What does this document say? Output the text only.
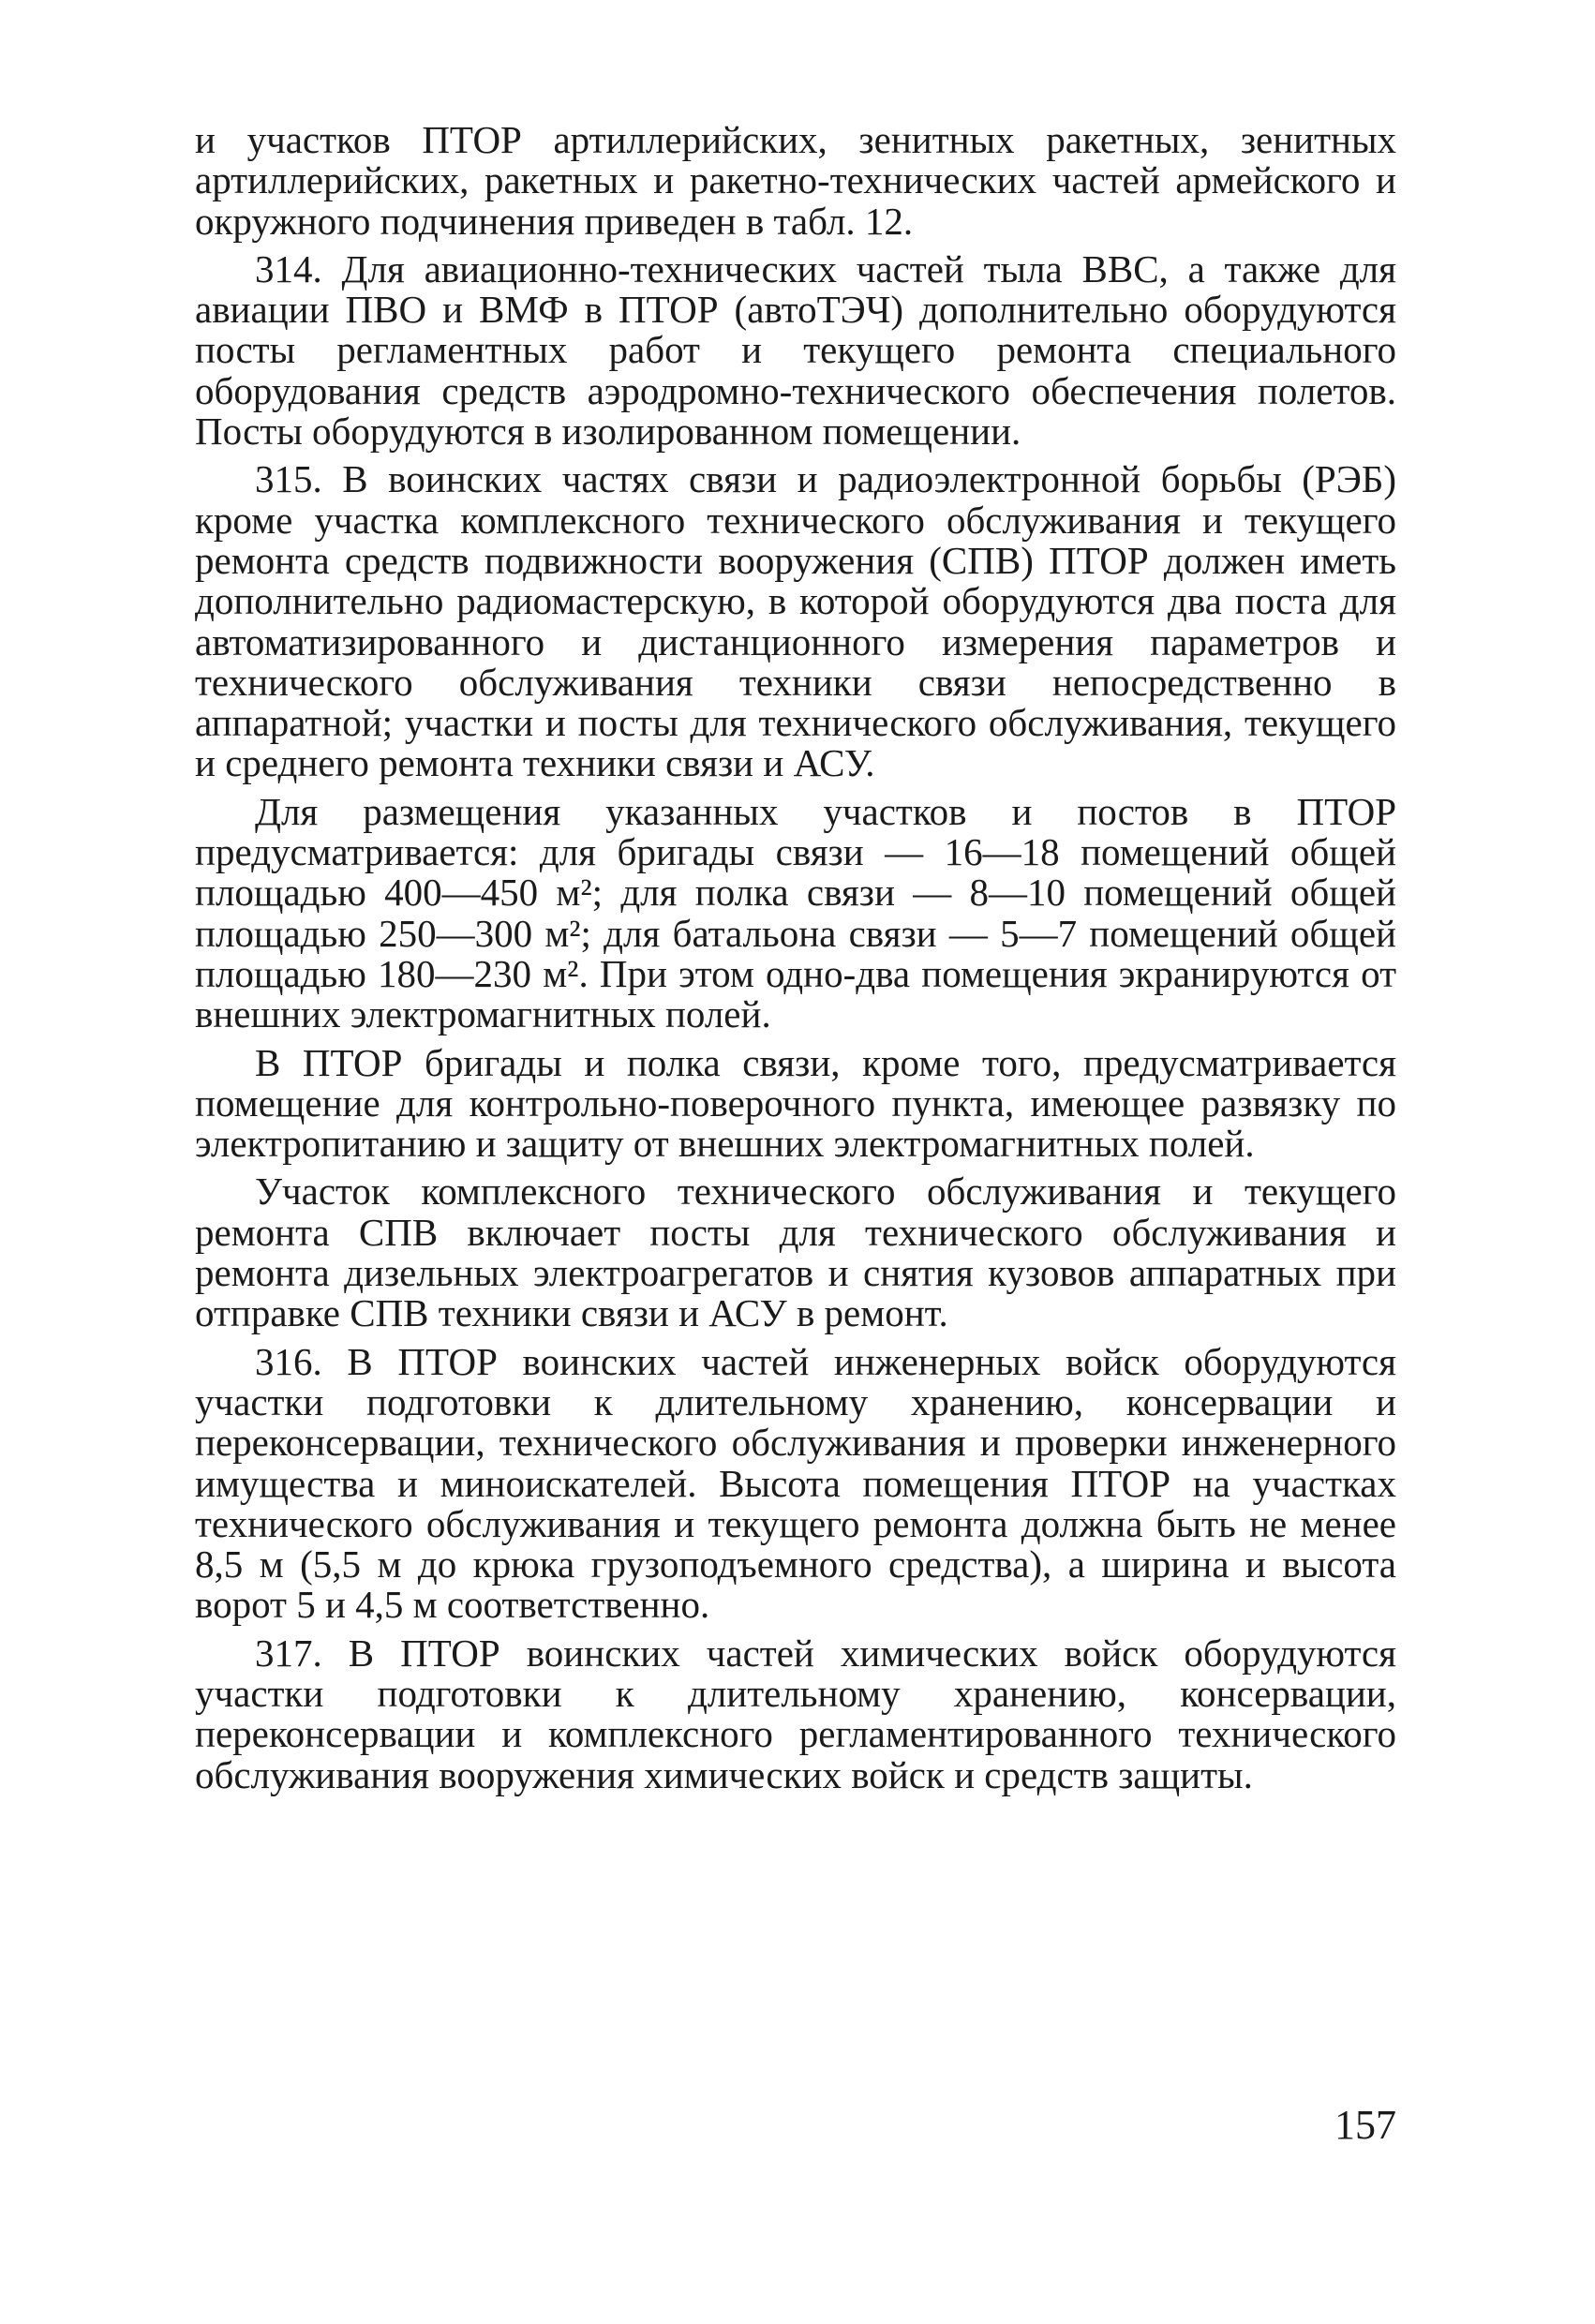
и участков ПТОР артиллерийских, зенитных ракетных, зенитных артиллерийских, ракетных и ракетно-технических частей армейского и окружного подчинения приведен в табл. 12.

314. Для авиационно-технических частей тыла ВВС, а также для авиации ПВО и ВМФ в ПТОР (автоТЭЧ) дополнительно оборудуются посты регламентных работ и текущего ремонта специального оборудования средств аэродромно-технического обеспечения полетов. Посты оборудуются в изолированном помещении.

315. В воинских частях связи и радиоэлектронной борьбы (РЭБ) кроме участка комплексного технического обслуживания и текущего ремонта средств подвижности вооружения (СПВ) ПТОР должен иметь дополнительно радиомастерскую, в которой оборудуются два поста для автоматизированного и дистанционного измерения параметров и технического обслуживания техники связи непосредственно в аппаратной; участки и посты для технического обслуживания, текущего и среднего ремонта техники связи и АСУ.

Для размещения указанных участков и постов в ПТОР предусматривается: для бригады связи — 16—18 помещений общей площадью 400—450 м²; для полка связи — 8—10 помещений общей площадью 250—300 м²; для батальона связи — 5—7 помещений общей площадью 180—230 м². При этом одно-два помещения экранируются от внешних электромагнитных полей.

В ПТОР бригады и полка связи, кроме того, предусматривается помещение для контрольно-поверочного пункта, имеющее развязку по электропитанию и защиту от внешних электромагнитных полей.

Участок комплексного технического обслуживания и текущего ремонта СПВ включает посты для технического обслуживания и ремонта дизельных электроагрегатов и снятия кузовов аппаратных при отправке СПВ техники связи и АСУ в ремонт.

316. В ПТОР воинских частей инженерных войск оборудуются участки подготовки к длительному хранению, консервации и переконсервации, технического обслуживания и проверки инженерного имущества и миноискателей. Высота помещения ПТОР на участках технического обслуживания и текущего ремонта должна быть не менее 8,5 м (5,5 м до крюка грузоподъемного средства), а ширина и высота ворот 5 и 4,5 м соответственно.

317. В ПТОР воинских частей химических войск оборудуются участки подготовки к длительному хранению, консервации, переконсервации и комплексного регламентированного технического обслуживания вооружения химических войск и средств защиты.

157
